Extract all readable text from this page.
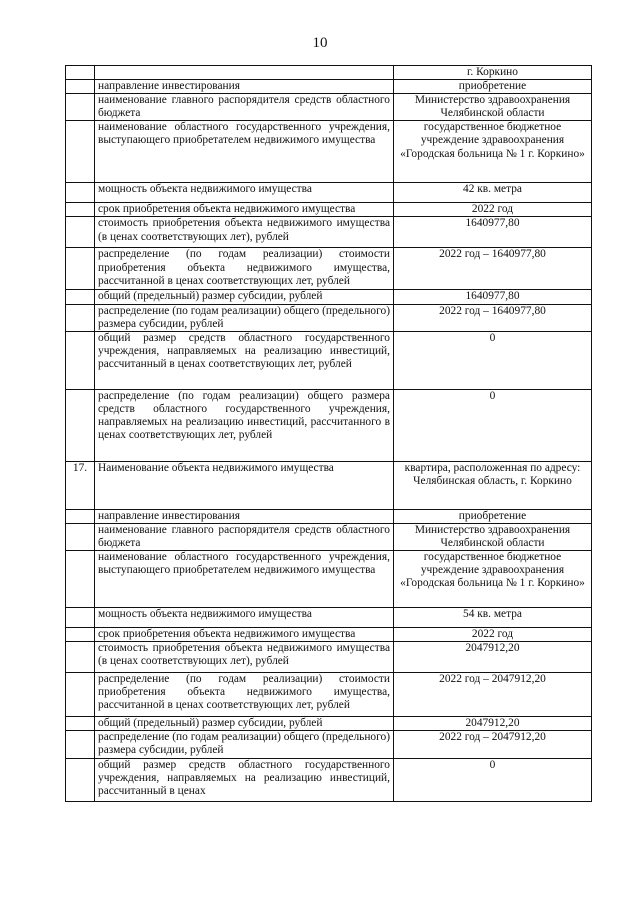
10
		г. Коркино
	направление инвестирования	приобретение
	наименование главного распорядителя средств областного бюджета	Министерство здравоохранения Челябинской области
	наименование областного государственного учреждения, выступающего приобретателем недвижимого имущества	государственное бюджетное учреждение здравоохранения «Городская больница № 1 г. Коркино»
	мощность объекта недвижимого имущества	42 кв. метра
	срок приобретения объекта недвижимого имущества	2022 год
	стоимость приобретения объекта недвижимого имущества (в ценах соответствующих лет), рублей	1640977,80
	распределение (по годам реализации) стоимости приобретения объекта недвижимого имущества, рассчитанной в ценах соответствующих лет, рублей	2022 год – 1640977,80
	общий (предельный) размер субсидии, рублей	1640977,80
	распределение (по годам реализации) общего (предельного) размера субсидии, рублей	2022 год – 1640977,80
	общий размер средств областного государственного учреждения, направляемых на реализацию инвестиций, рассчитанный в ценах соответствующих лет, рублей	0
	распределение (по годам реализации) общего размера средств областного государственного учреждения, направляемых на реализацию инвестиций, рассчитанного в ценах соответствующих лет, рублей	0
17.	Наименование объекта недвижимого имущества	квартира, расположенная по адресу: Челябинская область, г. Коркино
	направление инвестирования	приобретение
	наименование главного распорядителя средств областного бюджета	Министерство здравоохранения Челябинской области
	наименование областного государственного учреждения, выступающего приобретателем недвижимого имущества	государственное бюджетное учреждение здравоохранения «Городская больница № 1 г. Коркино»
	мощность объекта недвижимого имущества	54 кв. метра
	срок приобретения объекта недвижимого имущества	2022 год
	стоимость приобретения объекта недвижимого имущества (в ценах соответствующих лет), рублей	2047912,20
	распределение (по годам реализации) стоимости приобретения объекта недвижимого имущества, рассчитанной в ценах соответствующих лет, рублей	2022 год – 2047912,20
	общий (предельный) размер субсидии, рублей	2047912,20
	распределение (по годам реализации) общего (предельного) размера субсидии, рублей	2022 год – 2047912,20
	общий размер средств областного государственного учреждения, направляемых на реализацию инвестиций, рассчитанный в ценах	0
